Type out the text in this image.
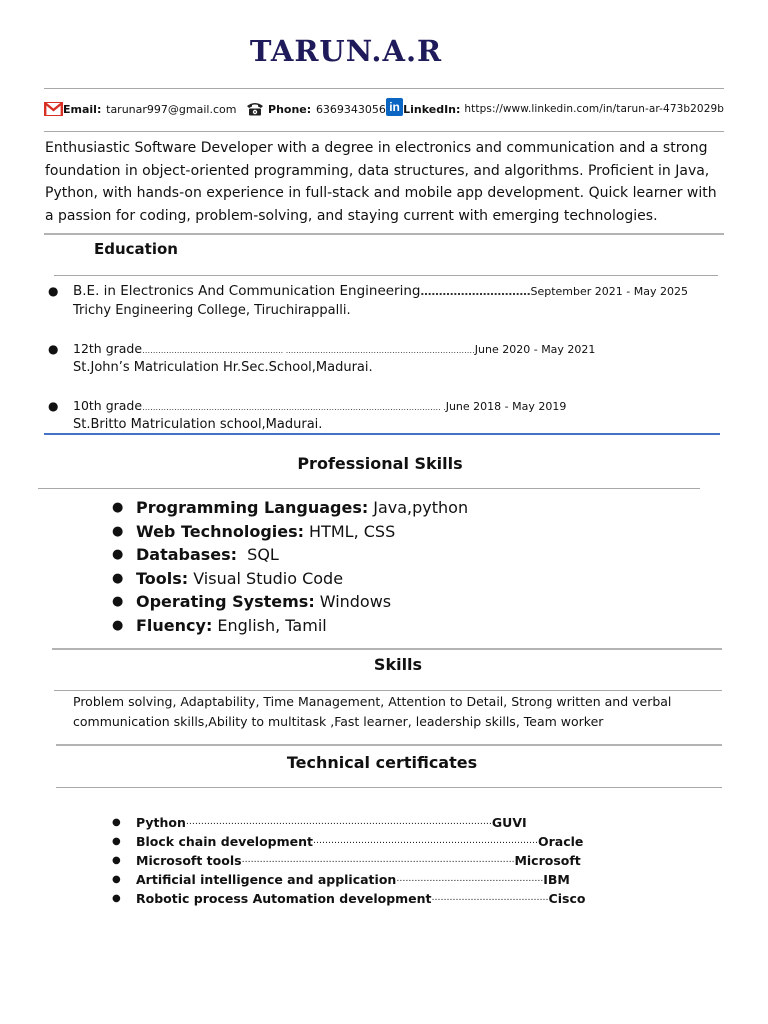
TARUN.A.R
Email: tarunar997@gmail.com	Phone: 6369343056 in LinkedIn: https://www.linkedin.com/in/tarun-ar-473b2029b
Enthusiastic Software Developer with a degree in electronics and communication and a strong foundation in object-oriented programming, data structures, and algorithms. Proficient in Java, Python, with hands-on experience in full-stack and mobile app development. Quick learner with a passion for coding, problem-solving, and staying current with emerging technologies.
Education
●	B.E. in Electronics And Communication Engineering ………………………… September 2021 - May 2025
Trichy Engineering College, Tiruchirappalli.
●	12th grade …………………………………………….. ..…………………………………………………………… June 2020 - May 2021
St.John’s Matriculation Hr.Sec.School,Madurai.
●	10th grade …………………………………………………………………………………………………. . June 2018 - May 2019
St.Britto Matriculation school,Madurai.
Professional Skills
● Programming Languages: Java,python
● Web Technologies: HTML, CSS
● Databases: SQL
● Tools: Visual Studio Code
● Operating Systems: Windows
● Fluency: English, Tamil
Skills
Problem solving, Adaptability, Time Management, Attention to Detail, Strong written and verbal communication skills,Ability to multitask ,Fast learner, leadership skills, Team worker
Technical certificates
●	Python ………………………………………………………………………………………… GUVI
●	Block chain development ………………………………………………………………… Oracle
●	Microsoft tools ………………………………………………………………………………. Microsoft
●	Artificial intelligence and application …………………………………………. IBM
●	Robotic process Automation development ………………………………… Cisco
